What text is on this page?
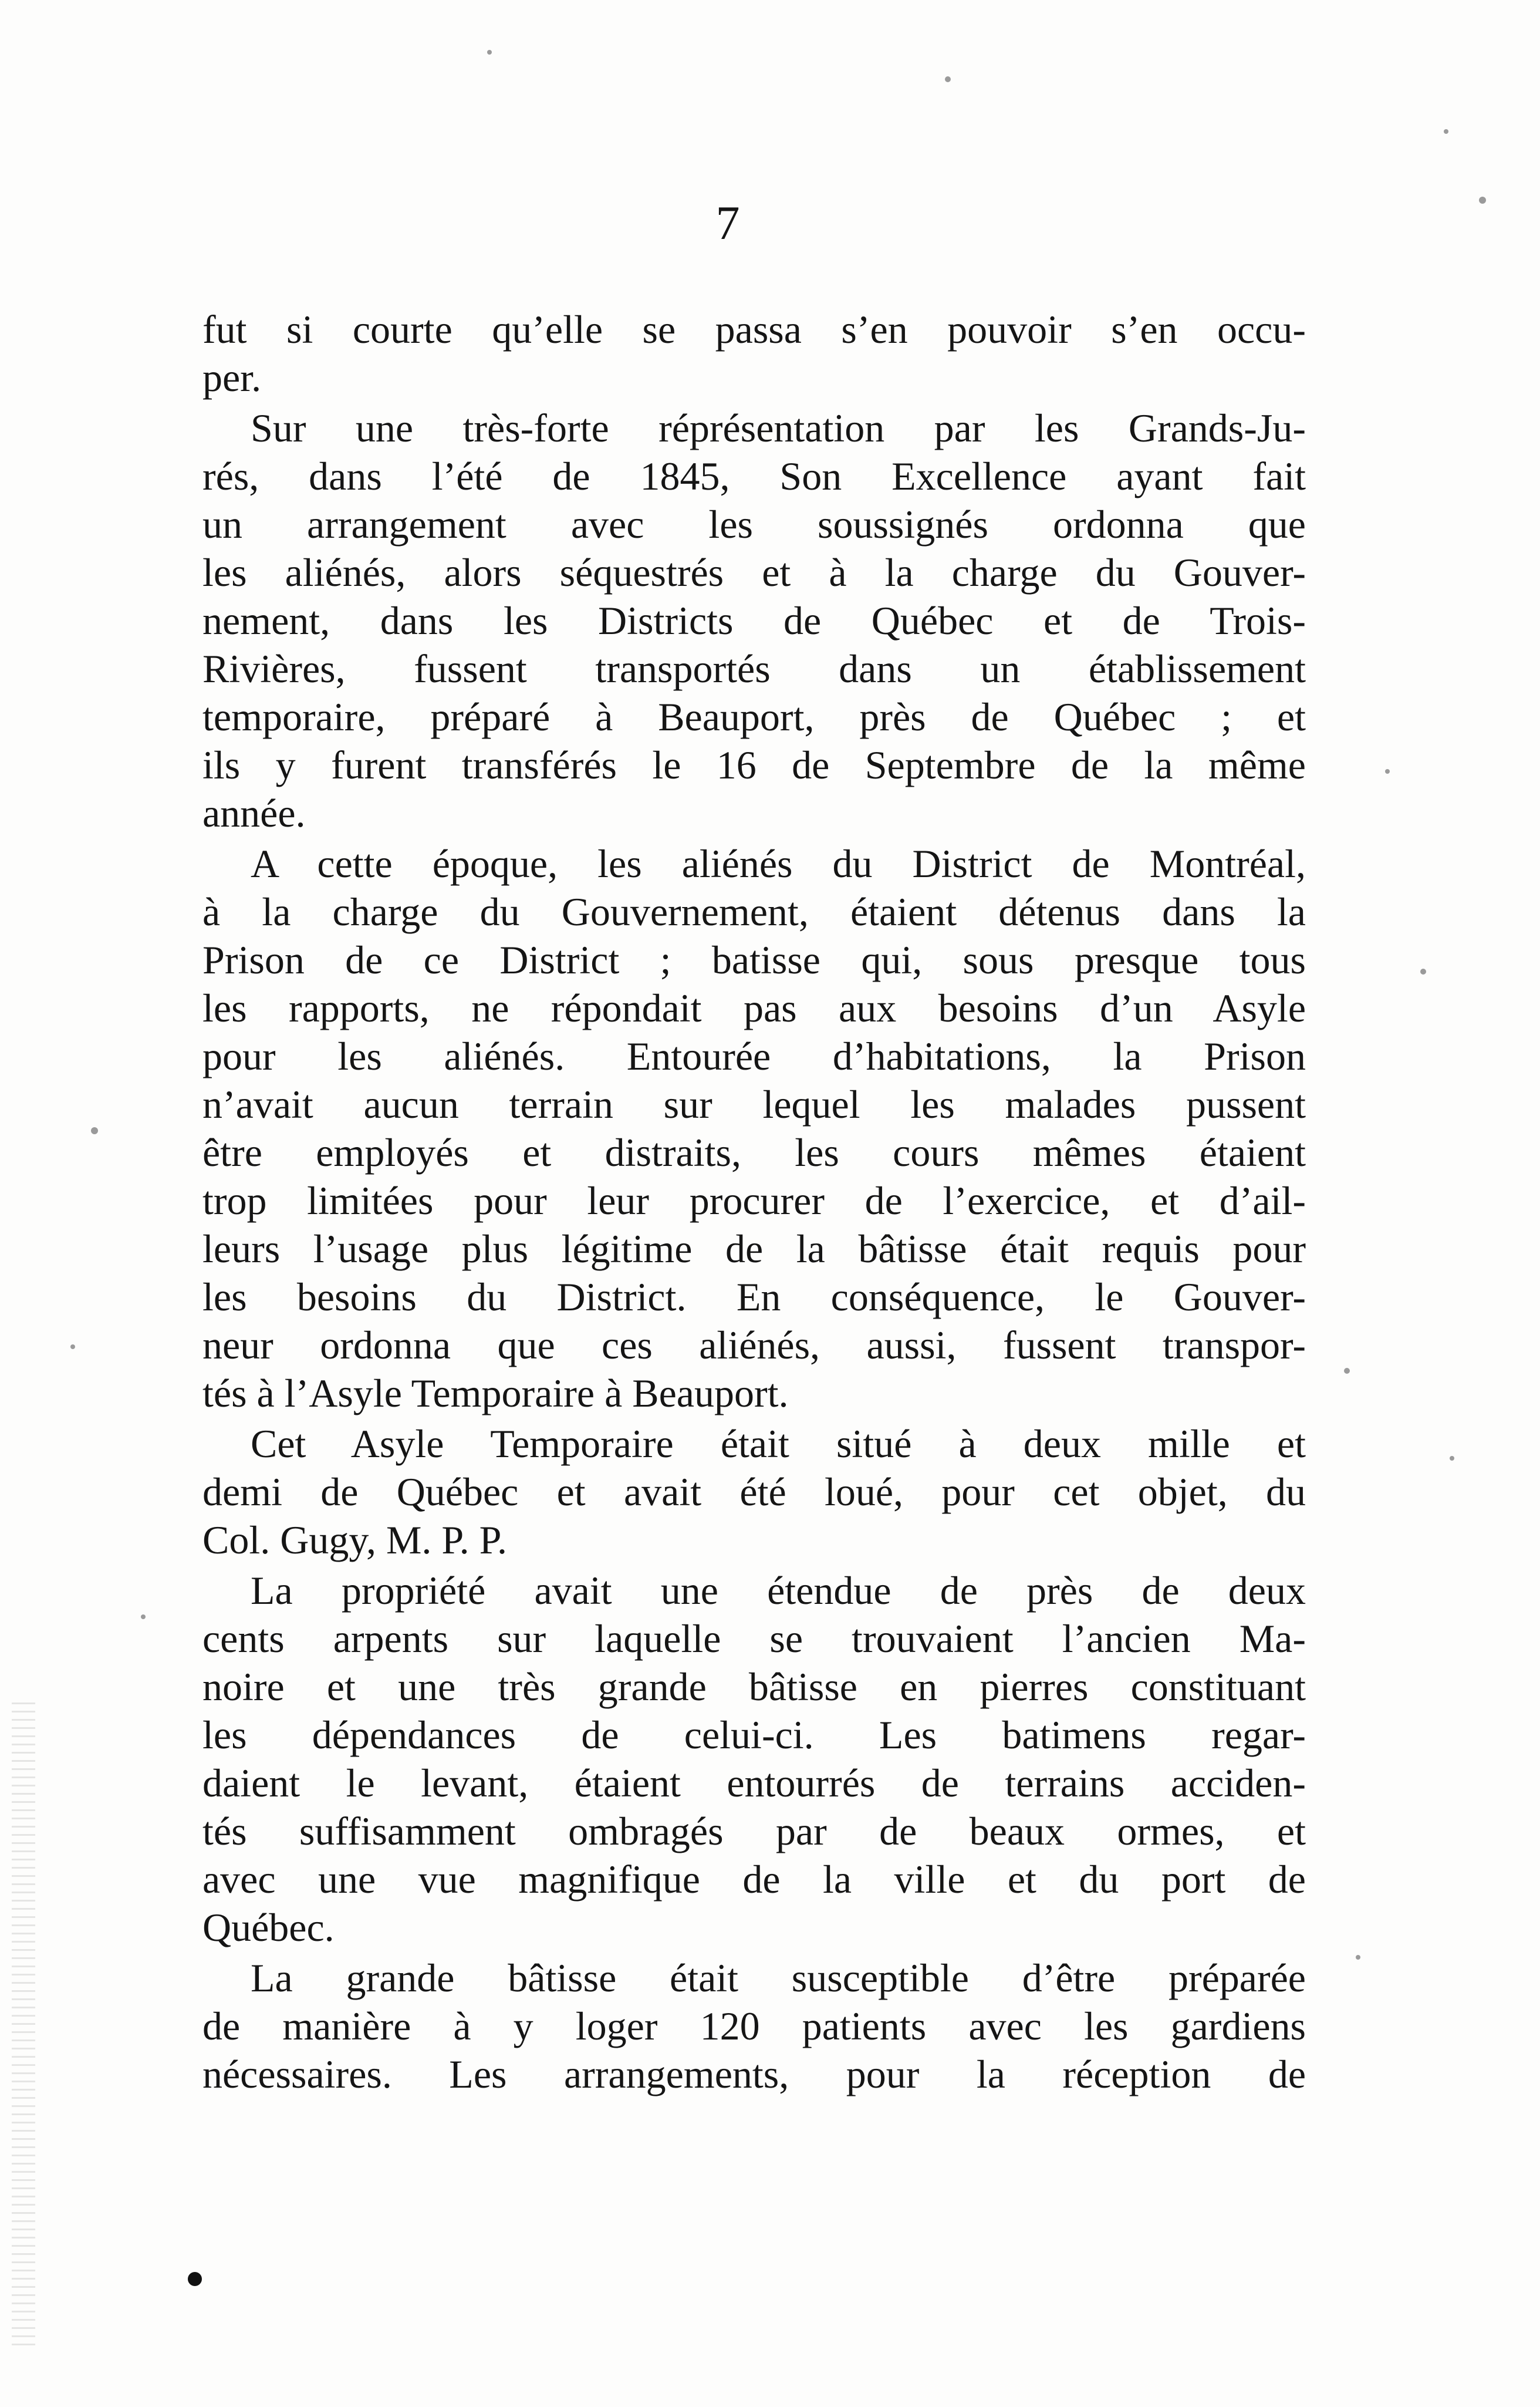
7
fut si courte qu’elle se passa s’en pouvoir s’en occu-
per.
Sur une très-forte réprésentation par les Grands-Ju-
rés, dans l’été de 1845, Son Excellence ayant fait
un arrangement avec les soussignés ordonna que
les aliénés, alors séquestrés et à la charge du Gouver-
nement, dans les Districts de Québec et de Trois-
Rivières, fussent transportés dans un établissement
temporaire, préparé à Beauport, près de Québec ; et
ils y furent transférés le 16 de Septembre de la même
année.
A cette époque, les aliénés du District de Montréal,
à la charge du Gouvernement, étaient détenus dans la
Prison de ce District ; batisse qui, sous presque tous
les rapports, ne répondait pas aux besoins d’un Asyle
pour les aliénés. Entourée d’habitations, la Prison
n’avait aucun terrain sur lequel les malades pussent
être employés et distraits, les cours mêmes étaient
trop limitées pour leur procurer de l’exercice, et d’ail-
leurs l’usage plus légitime de la bâtisse était requis pour
les besoins du District. En conséquence, le Gouver-
neur ordonna que ces aliénés, aussi, fussent transpor-
tés à l’Asyle Temporaire à Beauport.
Cet Asyle Temporaire était situé à deux mille et
demi de Québec et avait été loué, pour cet objet, du
Col. Gugy, M. P. P.
La propriété avait une étendue de près de deux
cents arpents sur laquelle se trouvaient l’ancien Ma-
noire et une très grande bâtisse en pierres constituant
les dépendances de celui-ci. Les batimens regar-
daient le levant, étaient entourrés de terrains acciden-
tés suffisamment ombragés par de beaux ormes, et
avec une vue magnifique de la ville et du port de
Québec.
La grande bâtisse était susceptible d’être préparée
de manière à y loger 120 patients avec les gardiens
nécessaires. Les arrangements, pour la réception de
